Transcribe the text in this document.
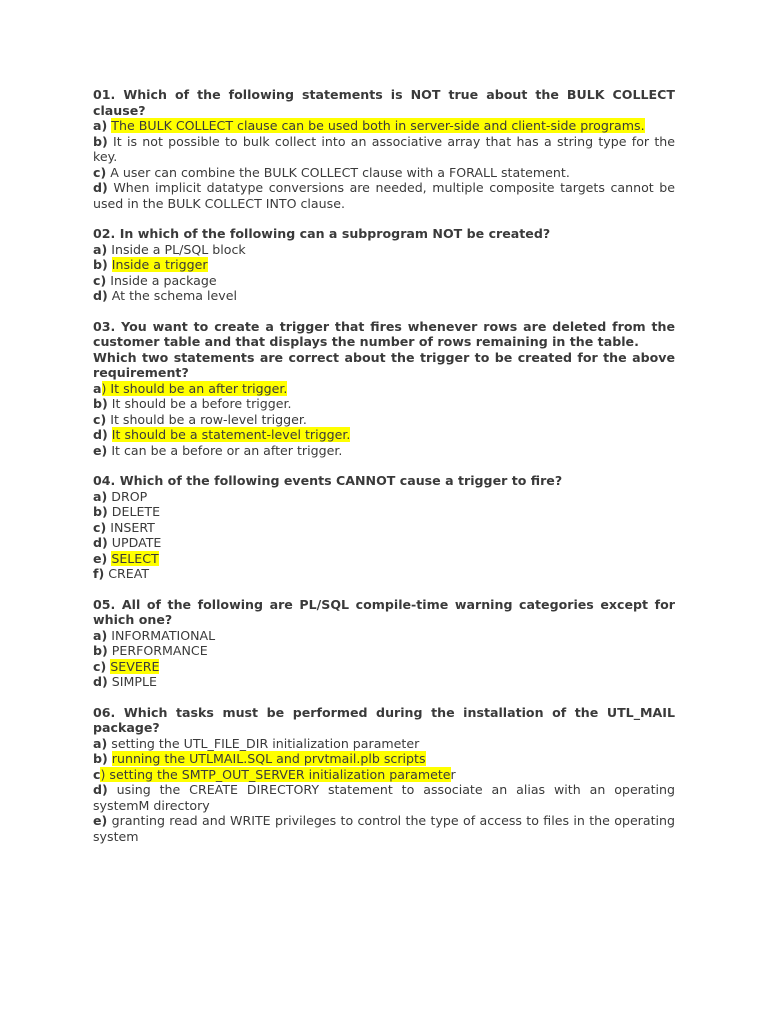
01. Which of the following statements is NOT true about the BULK COLLECT clause?
a) The BULK COLLECT clause can be used both in server-side and client-side programs.
b) It is not possible to bulk collect into an associative array that has a string type for the key.
c) A user can combine the BULK COLLECT clause with a FORALL statement.
d) When implicit datatype conversions are needed, multiple composite targets cannot be used in the BULK COLLECT INTO clause.
02. In which of the following can a subprogram NOT be created?
a) Inside a PL/SQL block
b) Inside a trigger
c) Inside a package
d) At the schema level
03. You want to create a trigger that fires whenever rows are deleted from the customer table and that displays the number of rows remaining in the table.
Which two statements are correct about the trigger to be created for the above requirement?
a) It should be an after trigger.
b) It should be a before trigger.
c) It should be a row-level trigger.
d) It should be a statement-level trigger.
e) It can be a before or an after trigger.
04. Which of the following events CANNOT cause a trigger to fire?
a) DROP
b) DELETE
c) INSERT
d) UPDATE
e) SELECT
f) CREAT
05. All of the following are PL/SQL compile-time warning categories except for which one?
a) INFORMATIONAL
b) PERFORMANCE
c) SEVERE
d) SIMPLE
06. Which tasks must be performed during the installation of the UTL_MAIL package?
a) setting the UTL_FILE_DIR initialization parameter
b) running the UTLMAIL.SQL and prvtmail.plb scripts
c) setting the SMTP_OUT_SERVER initialization parameter
d) using the CREATE DIRECTORY statement to associate an alias with an operating systemM directory
e) granting read and WRITE privileges to control the type of access to files in the operating system
